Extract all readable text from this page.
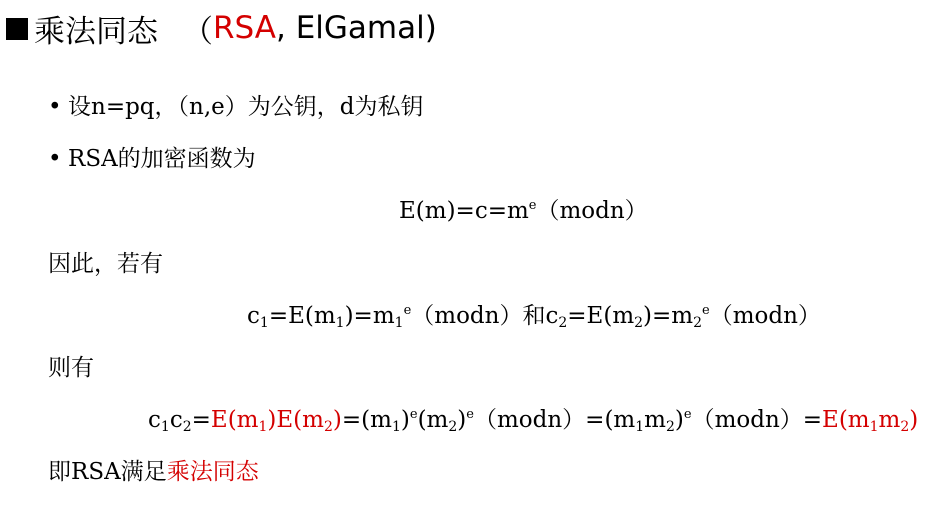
乘法同态 （ RSA , ElGamal)
• 设n=pq，（n,e）为公钥，d为私钥
• RSA的加密函数为
$E(m)=c=m^e(modn)$
因此，若有
$c_1=E(m_1)=m_1^e(modn)$和$c_2=E(m_2)=m_2^e(modn)$
则有
$c_1c_2=E(m_1)E(m_2)=(m_1)^e(m_2)^e(modn)=(m_1m_2)^e(modn)=E(m_1m_2)$
即RSA满足乘法同态
